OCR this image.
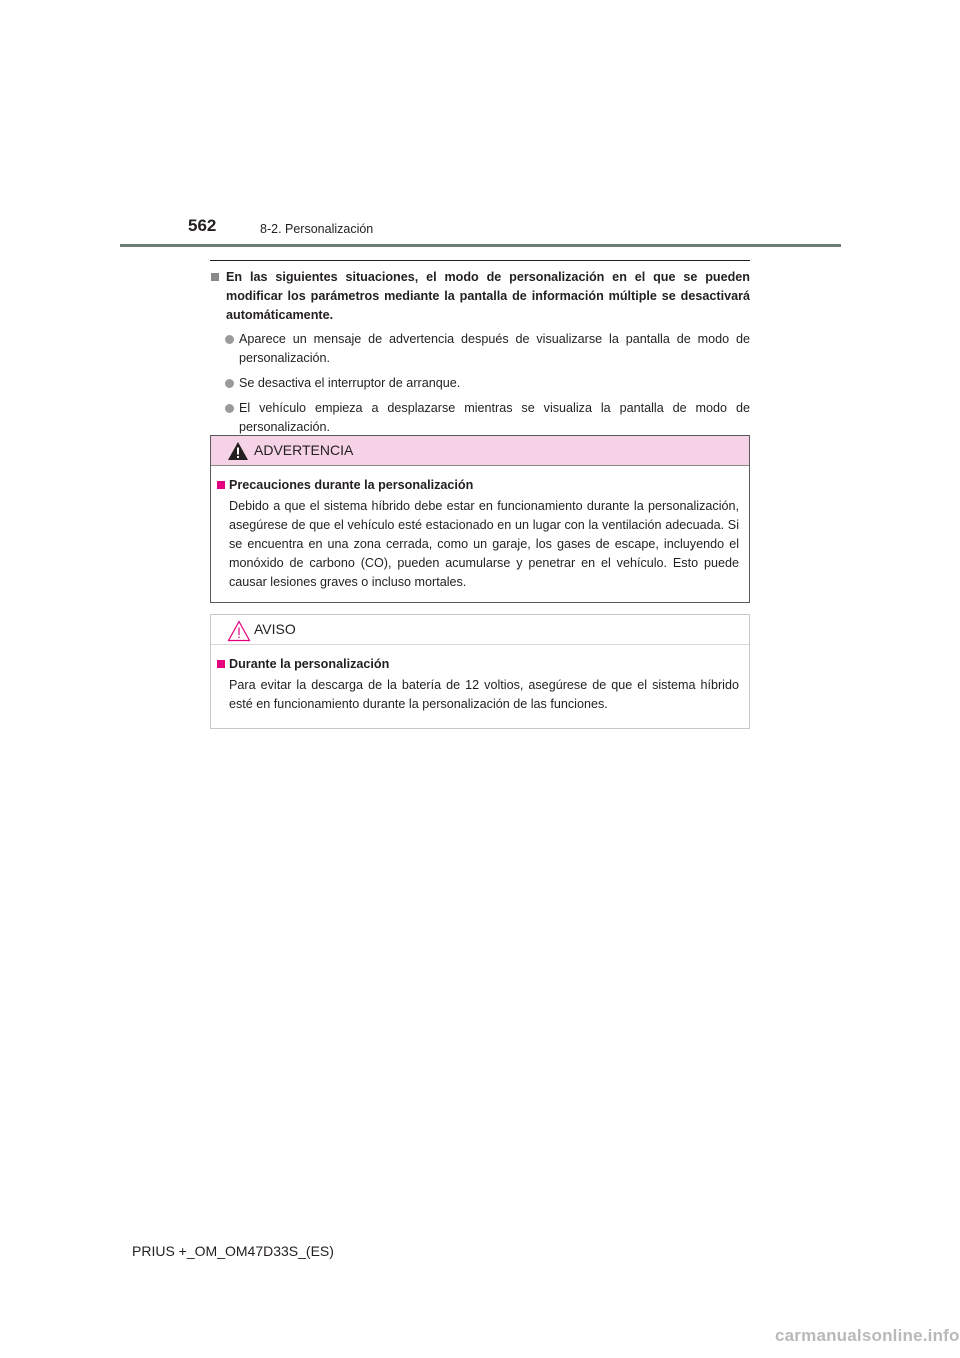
562	8-2. Personalización

En las siguientes situaciones, el modo de personalización en el que se pueden modificar los parámetros mediante la pantalla de información múltiple se desactivará automáticamente.

Aparece un mensaje de advertencia después de visualizarse la pantalla de modo de personalización.
Se desactiva el interruptor de arranque.
El vehículo empieza a desplazarse mientras se visualiza la pantalla de modo de personalización.
ADVERTENCIA

Precauciones durante la personalización

Debido a que el sistema híbrido debe estar en funcionamiento durante la personalización, asegúrese de que el vehículo esté estacionado en un lugar con la ventilación adecuada. Si se encuentra en una zona cerrada, como un garaje, los gases de escape, incluyendo el monóxido de carbono (CO), pueden acumularse y penetrar en el vehículo. Esto puede causar lesiones graves o incluso mortales.
AVISO

Durante la personalización

Para evitar la descarga de la batería de 12 voltios, asegúrese de que el sistema híbrido esté en funcionamiento durante la personalización de las funciones.
PRIUS +_OM_OM47D33S_(ES)
carmanualsonline.info
